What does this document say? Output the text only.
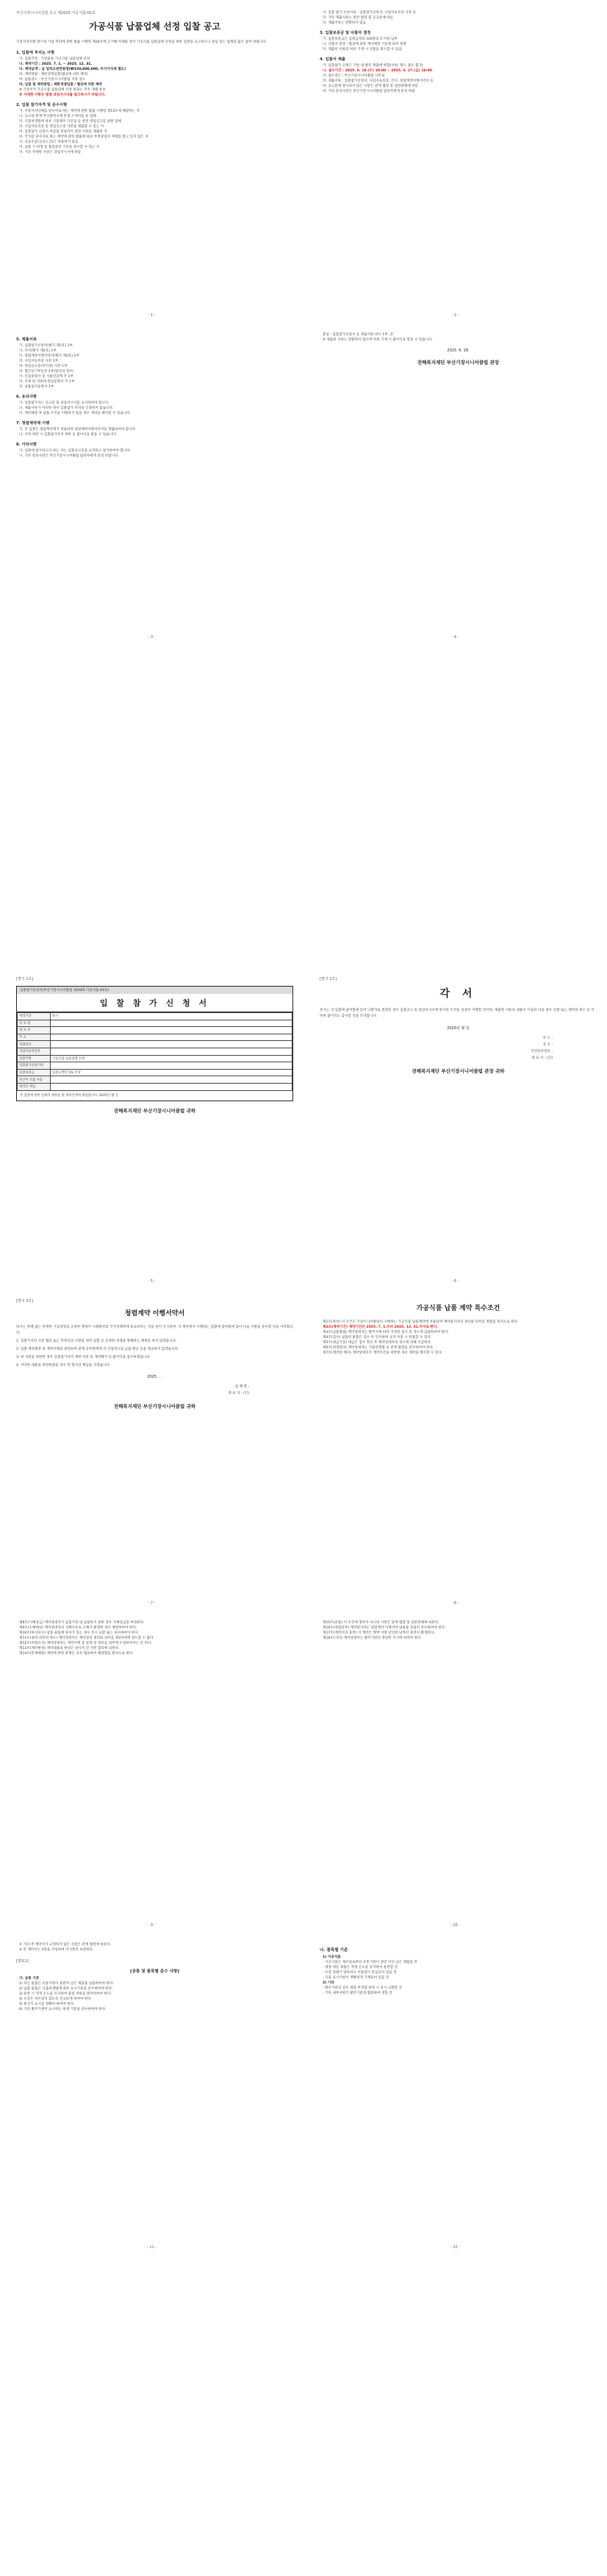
부산기장시니어클럽 공고 제2025-가공식품-01호
가공식품 납품업체 선정 입찰 공고
기장지역자활 탈시성 사업 학의에 관한 법률 시행령 제26조에 근거해 아래와 같이 가공식품 납품업체 선정을 위한 입찰을 공고하오니 관심 있는 업체의 많은 참여 바랍니다.
1. 입찰에 부치는 사항
가. 입찰건명 : 가장물류 가공식품 납품업체 선정
나. 계약기간 : 2025. 7. 1. ~ 2025. 12. 31.
다. 계약금액 : 금 일억오천만원정(₩150,000,000, 부가가치세 별도)
라. 계약방법 : 제한경쟁입찰(협상에 의한 계약)
마. 납품장소 : 부산기장시니어클럽 지정 장소
바. 입찰 및 계약방법 : 제한경쟁입찰 / 협상에 의한 계약
※ 기장지역 가공식품 납품업체 선정 결과는 추후 개별 통보
※ 자세한 사항은 별첨 과업지시서를 참고하시기 바랍니다.
2. 입찰 참가자격 및 준수사항
가. 지방자치단체를 당사자로 하는 계약에 관한 법률 시행령 제13조에 해당하는 자
나. 공고일 현재 부산광역시에 본점 소재지를 둔 업체
다. 식품위생법에 따른 식품제조·가공업 등 관련 영업신고를 필한 업체
라. 사업자등록증 및 영업신고증 사본을 제출할 수 있는 자
마. 입찰참가 신청서 마감일 전일까지 관련 서류를 제출한 자
바. 국가를 당사자로 하는 계약에 관한 법률에 따른 부정당업자 제재를 받고 있지 않은 자
사. 공동수급(공동도급)은 허용하지 않음
아. 납품 시 위생 및 품질관리 기준을 준수할 수 있는 자
자. 기타 자세한 사항은 과업지시서에 따름
- 1 -
나. 입찰 참가 신청서류 : 입찰참가신청서, 사업자등록증 사본 등
다. 기타 제출서류는 관련 법령 및 공고문에 따름
라. 제출서류는 반환하지 않음
3. 입찰보증금 및 낙찰자 결정
가. 입찰보증금은 입찰금액의 100분의 5 이상 납부
나. 낙찰자 결정 : 협상에 의한 계약체결 기준에 따라 결정
다. 제출된 서류의 허위 기재 시 낙찰을 취소할 수 있음
4. 입찰서 제출
가. 입찰참가 신청은 기한 내 방문 제출에 한함(우편, 팩스 접수 불가)
나. 접수기간 : 2025. 6. 18.(수) 10:00 ~ 2025. 6. 27.(금) 16:00
다. 접수장소 : 부산기장시니어클럽 사무실
라. 제출서류 : 입찰참가신청서, 사업자등록증, 각서, 청렴계약이행서약서 등
마. 공고문에 명시되지 않은 사항은 관계 법령 및 일반관례에 따름
바. 기타 문의사항은 부산기장시니어클럽 담당자에게 문의 바람
- 2 -
5. 제출서류
가. 입찰참가신청서(별지 제1호) 1부
나. 각서(별지 제2호) 1부
다. 청렴계약이행서약서(별지 제3호) 1부
라. 사업자등록증 사본 1부
마. 영업신고증(허가증) 사본 1부
바. 법인등기부등본 1부(법인의 경우)
사. 인감증명서 및 사용인감계 각 1부
아. 국세 및 지방세 완납증명서 각 1부
자. 납품실적증명서 1부
6. 유의사항
가. 입찰참가자는 공고문 및 과업지시서를 숙지하여야 합니다.
나. 제출서류가 미비한 경우 입찰참가 자격을 인정하지 않습니다.
다. 계약체결 후 납품 조건을 이행하지 않을 경우 계약을 해지할 수 있습니다.
7. 청렴계약제 이행
가. 본 입찰은 청렴계약제가 적용되며 청렴계약이행서약서를 제출하여야 합니다.
나. 서약 위반 시 입찰참가자격 제한 등 불이익을 받을 수 있습니다.
8. 기타사항
가. 입찰에 참가하고자 하는 자는 입찰공고문을 숙지하고 참가하여야 합니다.
나. 기타 문의사항은 부산기장시니어클럽 담당자에게 문의 바랍니다.
- 3 -
붙임 : 입찰참가신청서 등 제출서류 양식 1부. 끝.
※ 제출된 서류는 반환하지 않으며 허위 기재 시 불이익을 받을 수 있습니다.
2025. 6. 18.
전해복지재단 부산기장시니어클럽 관장
- 4 -
[별지 1호]
입찰참가신청서(부산기장시니어클럽 제2025-가공식품-01호)
입 찰 참 가 신 청 서
처리기간	즉시
상 호 명	
대 표 자	
주 소	
전화번호	
사업자등록번호	
입찰건명	가공식품 납품업체 선정
입찰참가신청기한	
입찰보증금	입찰금액의 5% 이상
본인이 직접 사용	
대리인 위임	
본 입찰에 관한 일체의 권한을 위 대리인에게 위임합니다. 2025년 월 일
전해복지재단 부산기장시니어클럽 귀하
- 5 -
[별지 2호]
각 서
본사는 귀 입찰에 참여함에 있어 낙찰자로 결정된 경우 입찰공고 및 과업지시서에 명시된 조건을 성실히 이행할 것이며, 제출한 서류의 내용이 사실과 다를 경우 낙찰 또는 계약의 취소 등 어떠한 불이익도 감수할 것을 각서합니다.
2025년 월 일
주 소 :
상 호 :
주민등록번호 :
대 표 자 : (인)
전해복지재단 부산기장시니어클럽 관장 귀하
- 6 -
[별지 3호]
청렴계약 이행서약서
당사는 부패 없는 투명한 기업경영과 공정한 행정이 사회발전과 국가경쟁력에 중요하다는 것을 깊이 인식하며, 귀 재단에서 시행하는 입찰에 참여함에 있어 다음 사항을 준수할 것을 서약합니다.
1. 입찰가격의 사전 협의 또는 특정인의 낙찰을 위한 담합 등 공정한 경쟁을 방해하는 행위를 하지 않겠습니다.
2. 입찰·계약체결 및 계약이행과 관련하여 관계 공무원에게 직·간접적으로 금품·향응 등을 제공하지 않겠습니다.
3. 위 사항을 위반한 경우 입찰참가자격 제한 처분 및 계약해지 등 불이익을 감수하겠습니다.
4. 서약한 내용을 위반하였을 경우 민·형사상 책임을 지겠습니다.
2025. . .
업 체 명 :
대 표 자 : (인)
전해복지재단 부산기장시니어클럽 귀하
- 7 -
가공식품 납품 계약 특수조건
제1조(목적) 이 조건은 기장시니어클럽이 시행하는 가공식품 납품계약에 적용되며 계약당사자의 권리와 의무를 정함을 목적으로 한다.
제2조(계약기간) 계약기간은 2025. 7. 1.부터 2025. 12. 31.까지로 한다.
제3조(납품방법) 계약상대자는 발주서에 따라 지정된 일시 및 장소에 납품하여야 한다.
제4조(검수) 납품된 물품은 검수 후 인수하며 규격 미달 시 반품할 수 있다.
제5조(대금지급) 대금은 검수 완료 후 계약상대자의 청구에 의해 지급한다.
제6조(위생관리) 계약상대자는 식품위생법 등 관계 법령을 준수하여야 한다.
제7조(계약의 해지) 계약상대자가 계약조건을 위반한 경우 계약을 해지할 수 있다.
- 8 -
제8조(지체상금) 계약상대자가 납품기한 내 납품하지 못한 경우 지체상금을 부과한다.
제9조(손해배상) 계약상대자의 귀책사유로 손해가 발생한 경우 배상하여야 한다.
제10조(하자보수) 납품 물품에 하자가 있는 경우 즉시 교환 또는 보수하여야 한다.
제11조(권리·의무의 양도) 계약상대자는 계약상의 권리와 의무를 제3자에게 양도할 수 없다.
제12조(비밀유지) 계약상대자는 계약이행 중 알게 된 정보를 외부에 누설하여서는 안 된다.
제13조(계약변경) 계약내용의 변경은 당사자 간 서면 합의에 의한다.
제14조(분쟁해결) 계약에 관한 분쟁은 상호 협의하여 해결함을 원칙으로 한다.
- 9 -
제15조(준용) 이 조건에 정하지 아니한 사항은 관계 법령 및 일반관례에 따른다.
제16조(청렴의무) 계약당사자는 청렴계약 이행서약 내용을 성실히 준수하여야 한다.
제17조(계약서의 효력) 이 계약은 쌍방 서명 날인한 날부터 효력이 발생한다.
제18조(기타) 계약상대자는 발주기관의 정당한 지시에 따라야 한다.
- 10 -
⑤ 기타 본 계약서가 규정하지 않은 사항은 관계 법령에 따른다.
⑥ 본 계약서는 2통을 작성하여 각 1통씩 보관한다.
[별표1]
[공통 및 품목별 준수 사항]
가. 공통 기준
1) 모든 물품은 유통기한이 충분히 남은 제품을 납품하여야 한다.
2) 납품 물품은 식품위생법에 따른 표시기준을 준수하여야 한다.
3) 운반 시 적정 온도를 유지하여 품질 저하를 방지하여야 한다.
4) 포장은 파손되지 않도록 견고하게 하여야 한다.
5) 원산지 표시를 정확히 하여야 한다.
6) 기타 발주기관이 요구하는 위생 기준을 준수하여야 한다.
- 11 -
나. 품목별 기준
1) 가공식품
- 가공식품은 제조일로부터 유통기한이 절반 이상 남은 제품일 것
- 냉장·냉동 제품은 적정 온도를 유지하여 운반할 것
- 포장 상태가 양호하고 이물질이 혼입되지 않을 것
- 식품 표시사항이 정확하게 기재되어 있을 것
2) 기타
- 발주기관의 검수 결과 부적합 판정 시 즉시 교환할 것
- 기타 세부사항은 발주기관과 협의하여 정할 것
- 12 -
